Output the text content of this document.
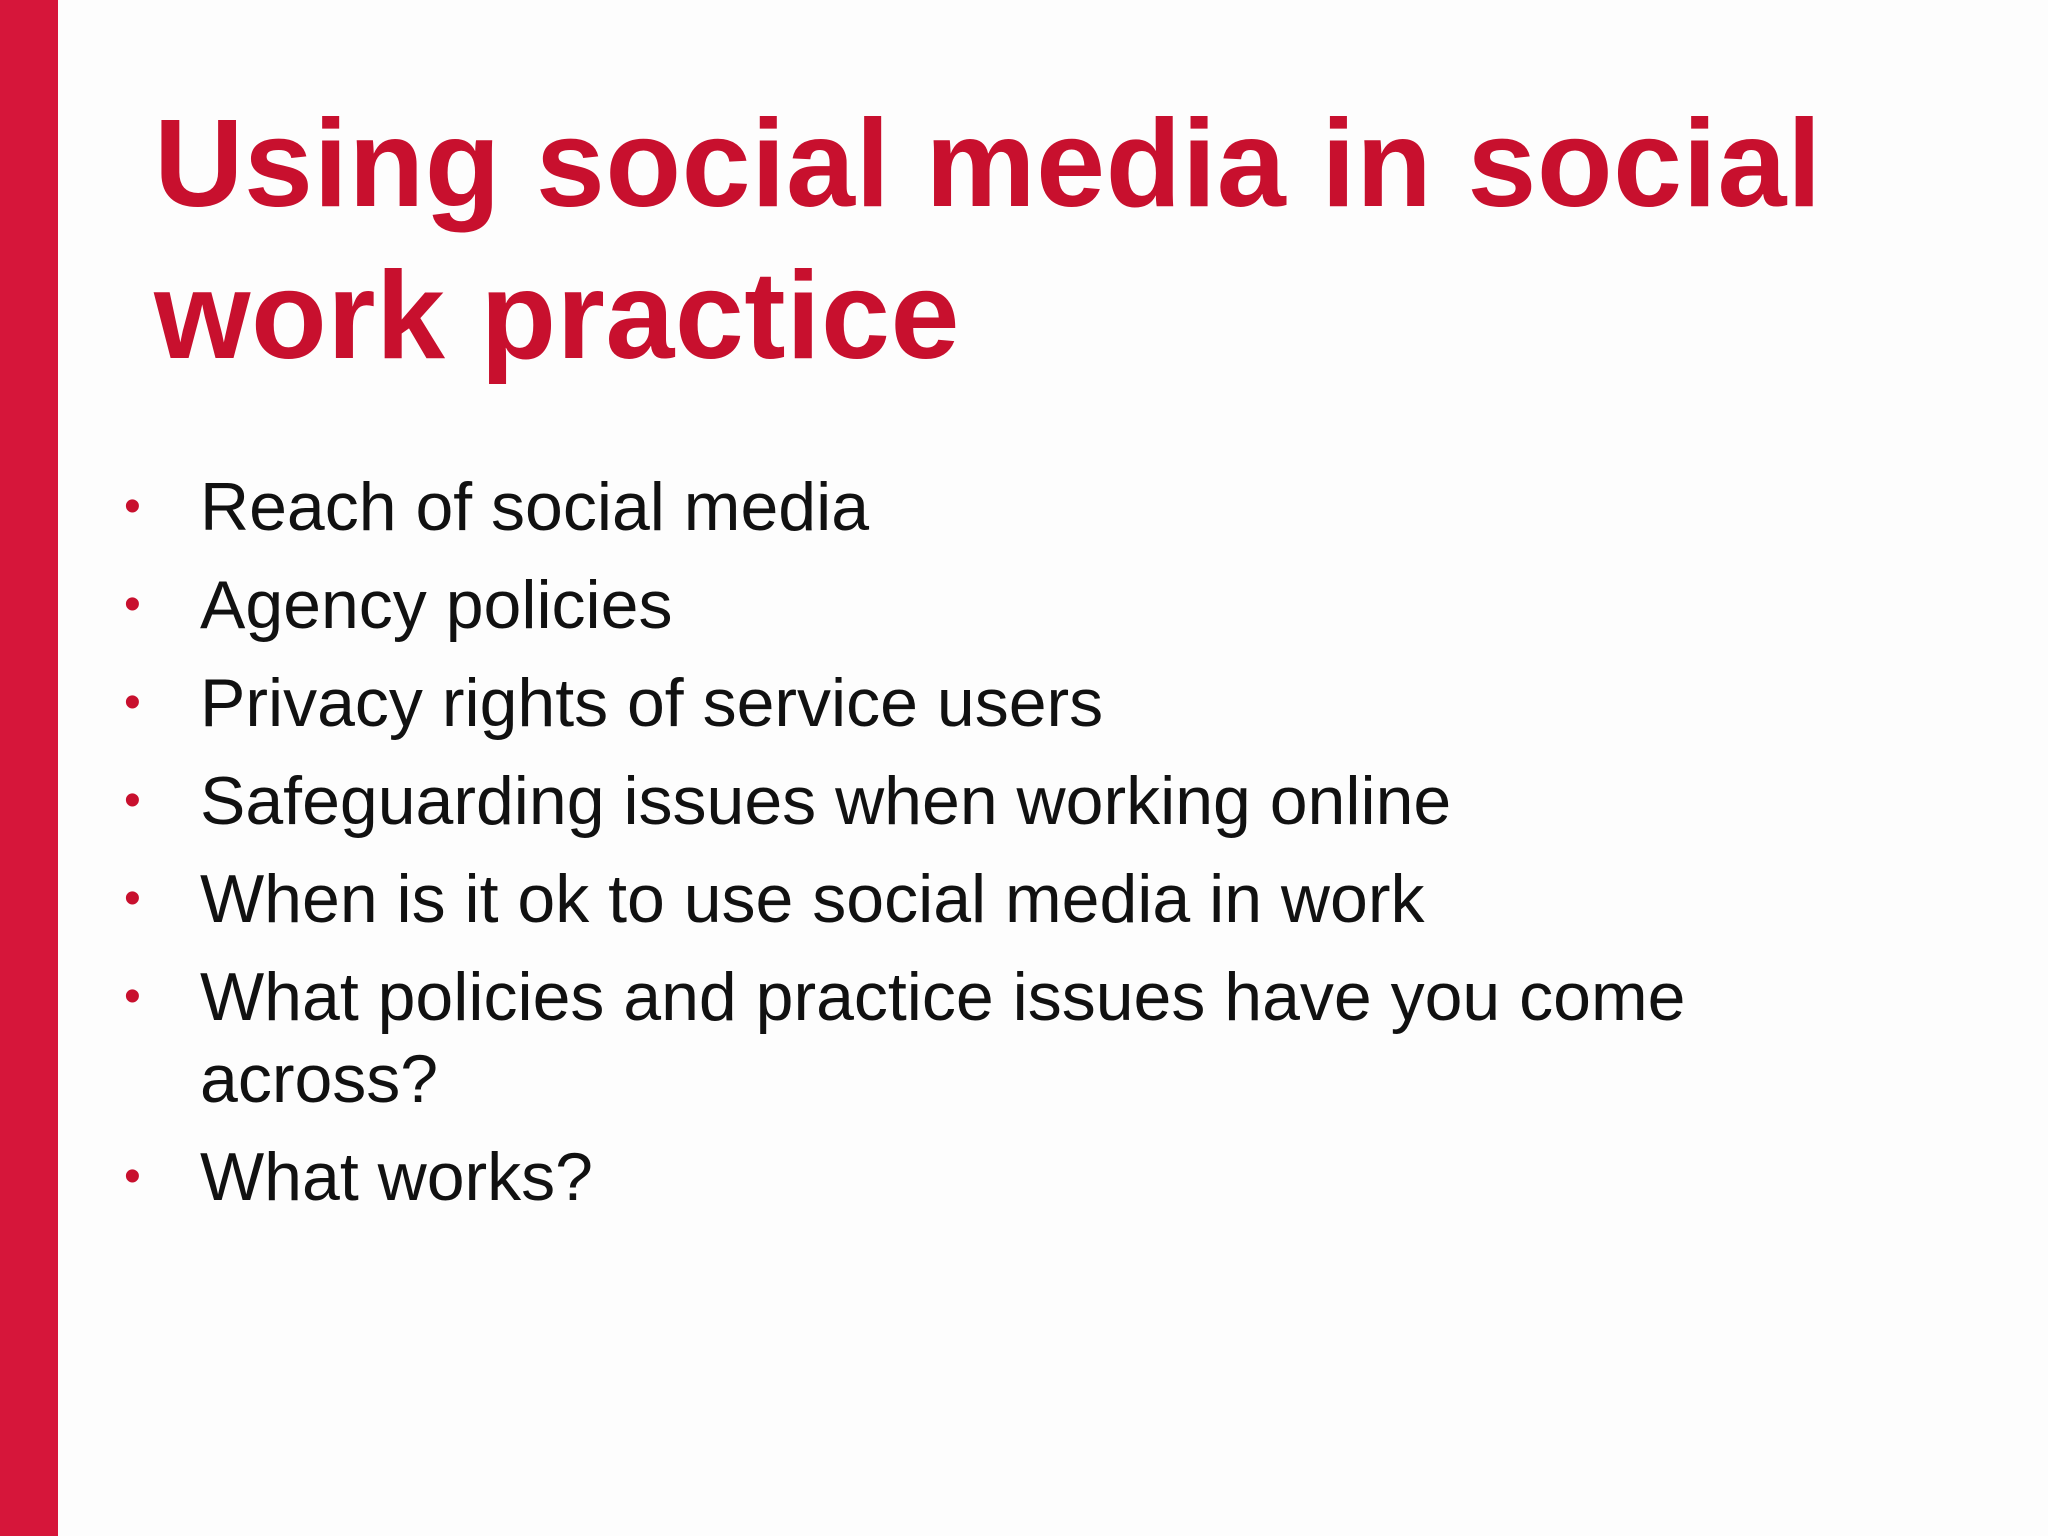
Using social media in social work practice
• Reach of social media
• Agency policies
• Privacy rights of service users
• Safeguarding issues when working online
• When is it ok to use social media in work
• What policies and practice issues have you come across?
• What works?
